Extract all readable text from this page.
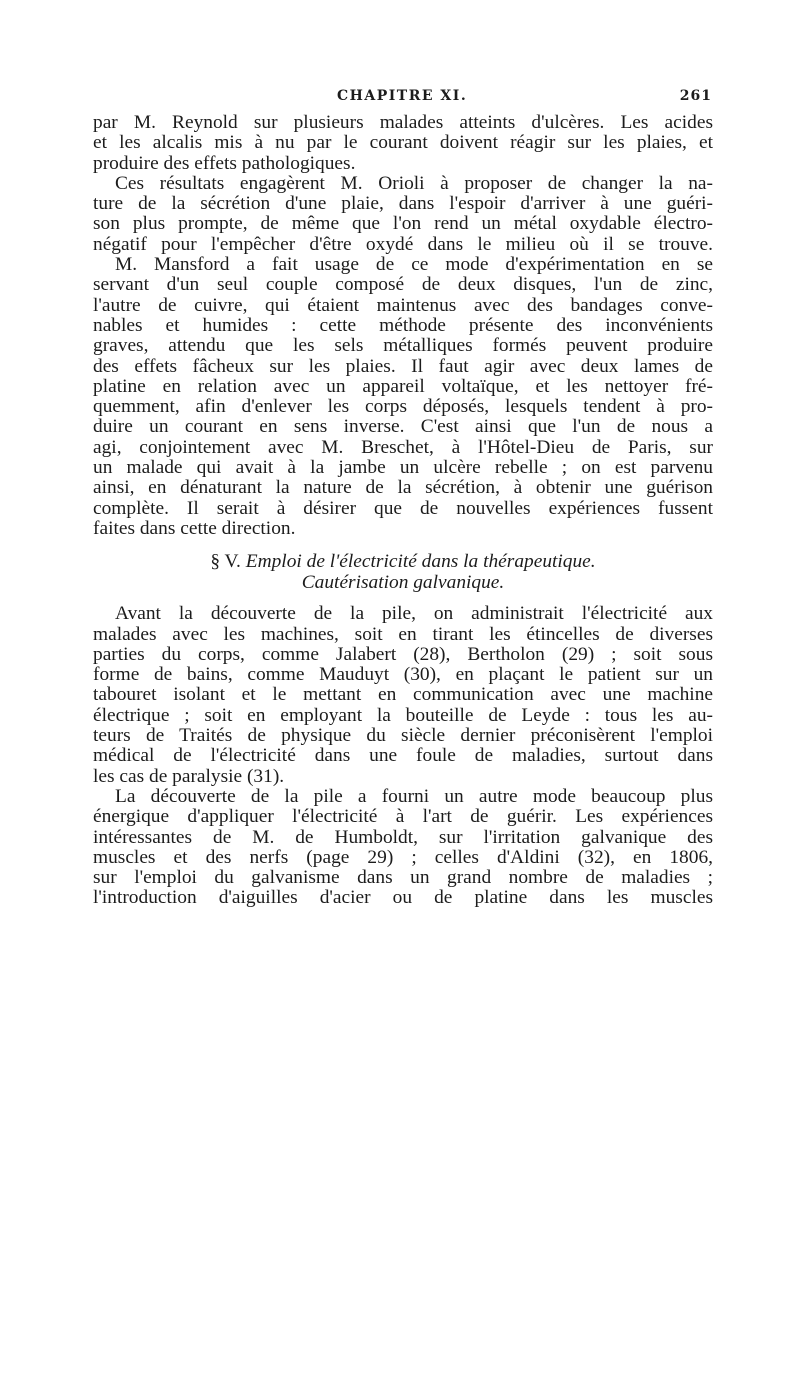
CHAPITRE XI.	261
par M. Reynold sur plusieurs malades atteints d'ulcères. Les acides
et les alcalis mis à nu par le courant doivent réagir sur les plaies, et
produire des effets pathologiques.
Ces résultats engagèrent M. Orioli à proposer de changer la na-
ture de la sécrétion d'une plaie, dans l'espoir d'arriver à une guéri-
son plus prompte, de même que l'on rend un métal oxydable électro-
négatif pour l'empêcher d'être oxydé dans le milieu où il se trouve.
M. Mansford a fait usage de ce mode d'expérimentation en se
servant d'un seul couple composé de deux disques, l'un de zinc,
l'autre de cuivre, qui étaient maintenus avec des bandages conve-
nables et humides : cette méthode présente des inconvénients
graves, attendu que les sels métalliques formés peuvent produire
des effets fâcheux sur les plaies. Il faut agir avec deux lames de
platine en relation avec un appareil voltaïque, et les nettoyer fré-
quemment, afin d'enlever les corps déposés, lesquels tendent à pro-
duire un courant en sens inverse. C'est ainsi que l'un de nous a
agi, conjointement avec M. Breschet, à l'Hôtel-Dieu de Paris, sur
un malade qui avait à la jambe un ulcère rebelle ; on est parvenu
ainsi, en dénaturant la nature de la sécrétion, à obtenir une guérison
complète. Il serait à désirer que de nouvelles expériences fussent
faites dans cette direction.
§ V. Emploi de l'électricité dans la thérapeutique.
Cautérisation galvanique.
Avant la découverte de la pile, on administrait l'électricité aux
malades avec les machines, soit en tirant les étincelles de diverses
parties du corps, comme Jalabert (28), Bertholon (29) ; soit sous
forme de bains, comme Mauduyt (30), en plaçant le patient sur un
tabouret isolant et le mettant en communication avec une machine
électrique ; soit en employant la bouteille de Leyde : tous les au-
teurs de Traités de physique du siècle dernier préconisèrent l'emploi
médical de l'électricité dans une foule de maladies, surtout dans
les cas de paralysie (31).
La découverte de la pile a fourni un autre mode beaucoup plus
énergique d'appliquer l'électricité à l'art de guérir. Les expériences
intéressantes de M. de Humboldt, sur l'irritation galvanique des
muscles et des nerfs (page 29) ; celles d'Aldini (32), en 1806,
sur l'emploi du galvanisme dans un grand nombre de maladies ;
l'introduction d'aiguilles d'acier ou de platine dans les muscles
